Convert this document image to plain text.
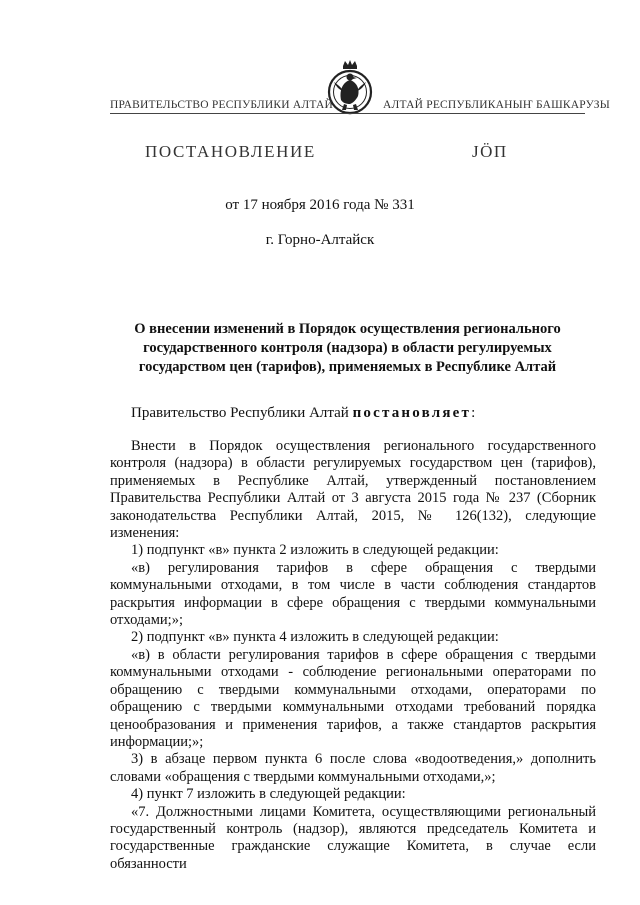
ПРАВИТЕЛЬСТВО РЕСПУБЛИКИ АЛТАЙ	АЛТАЙ РЕСПУБЛИКАНЫҤ БАШКАРУЗЫ
ПОСТАНОВЛЕНИЕ	ЈӦП
от 17 ноября 2016 года № 331
г. Горно-Алтайск
О внесении изменений в Порядок осуществления регионального
государственного контроля (надзора) в области регулируемых
государством цен (тарифов), применяемых в Республике Алтай
Правительство Республики Алтай постановляет:

Внести в Порядок осуществления регионального государственного контроля (надзора) в области регулируемых государством цен (тарифов), применяемых в Республике Алтай, утвержденный постановлением Правительства Республики Алтай от 3 августа 2015 года № 237 (Сборник законодательства Республики Алтай, 2015, № 126(132), следующие изменения:

1) подпункт «в» пункта 2 изложить в следующей редакции:

«в) регулирования тарифов в сфере обращения с твердыми коммунальными отходами, в том числе в части соблюдения стандартов раскрытия информации в сфере обращения с твердыми коммунальными отходами;»;

2) подпункт «в» пункта 4 изложить в следующей редакции:

«в) в области регулирования тарифов в сфере обращения с твердыми коммунальными отходами - соблюдение региональными операторами по обращению с твердыми коммунальными отходами, операторами по обращению с твердыми коммунальными отходами требований порядка ценообразования и применения тарифов, а также стандартов раскрытия информации;»;

3) в абзаце первом пункта 6 после слова «водоотведения,» дополнить словами «обращения с твердыми коммунальными отходами,»;

4) пункт 7 изложить в следующей редакции:

«7. Должностными лицами Комитета, осуществляющими региональный государственный контроль (надзор), являются председатель Комитета и государственные гражданские служащие Комитета, в случае если обязанности
